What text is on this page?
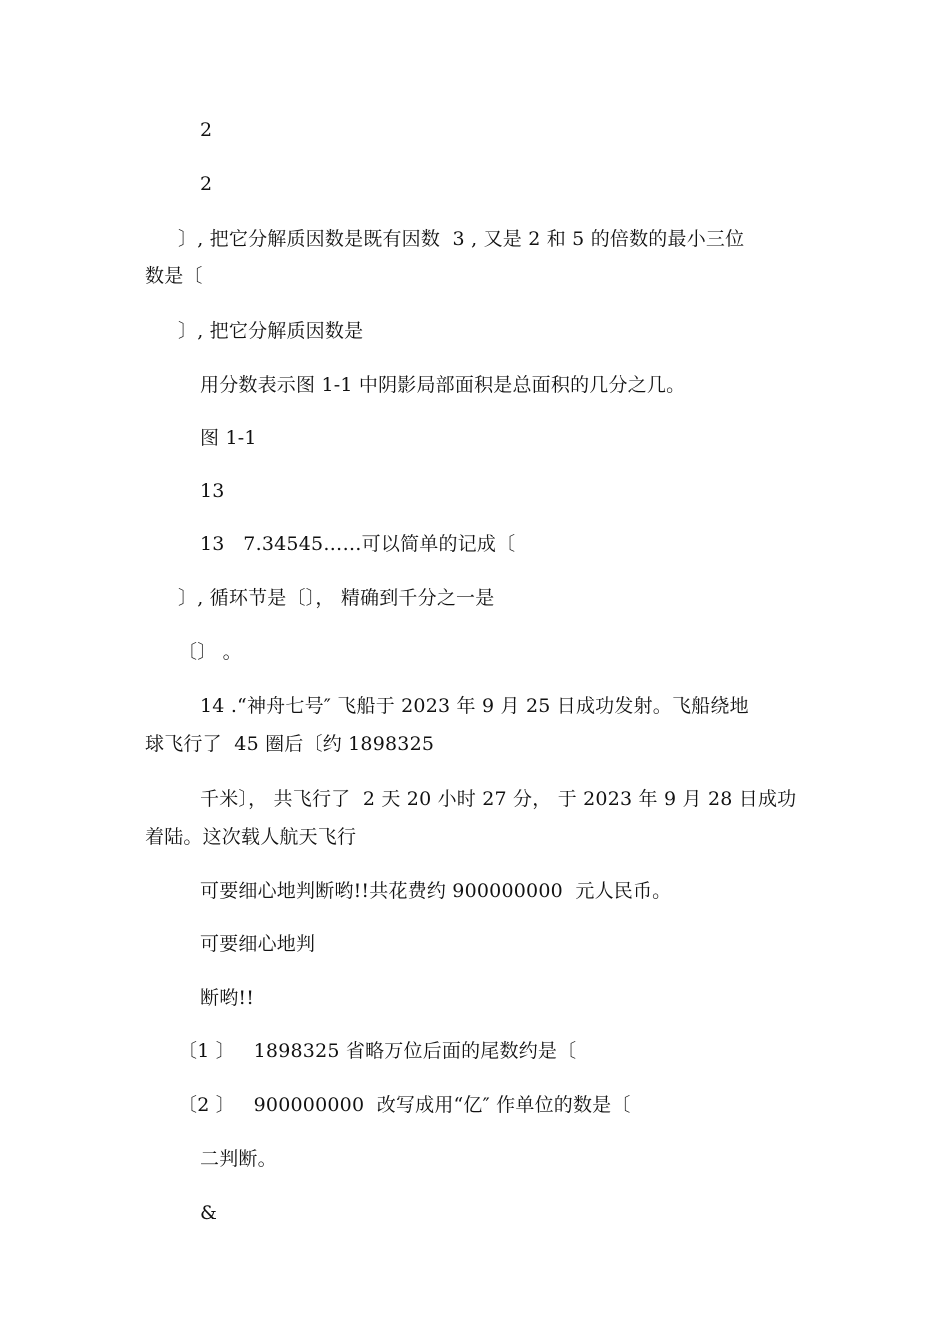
2
2
〕, 把它分解质因数是既有因数  3 , 又是 2 和 5 的倍数的最小三位
数是〔
〕, 把它分解质因数是
用分数表示图 1-1 中阴影局部面积是总面积的几分之几。
图 1-1
13
13   7.34545……可以简单的记成〔
〕, 循环节是〔〕， 精确到千分之一是
〔〕 。
14 .“神舟七号″ 飞船于 2023 年 9 月 25 日成功发射。飞船绕地
球飞行了  45 圈后〔约 1898325
千米〕， 共飞行了  2 天 20 小时 27 分， 于 2023 年 9 月 28 日成功
着陆。这次载人航天飞行
可要细心地判断哟!!共花费约 900000000  元人民币。
可要细心地判
断哟!!
〔1 〕   1898325 省略万位后面的尾数约是〔
〔2 〕   900000000  改写成用“亿″ 作单位的数是〔
二判断。
&
